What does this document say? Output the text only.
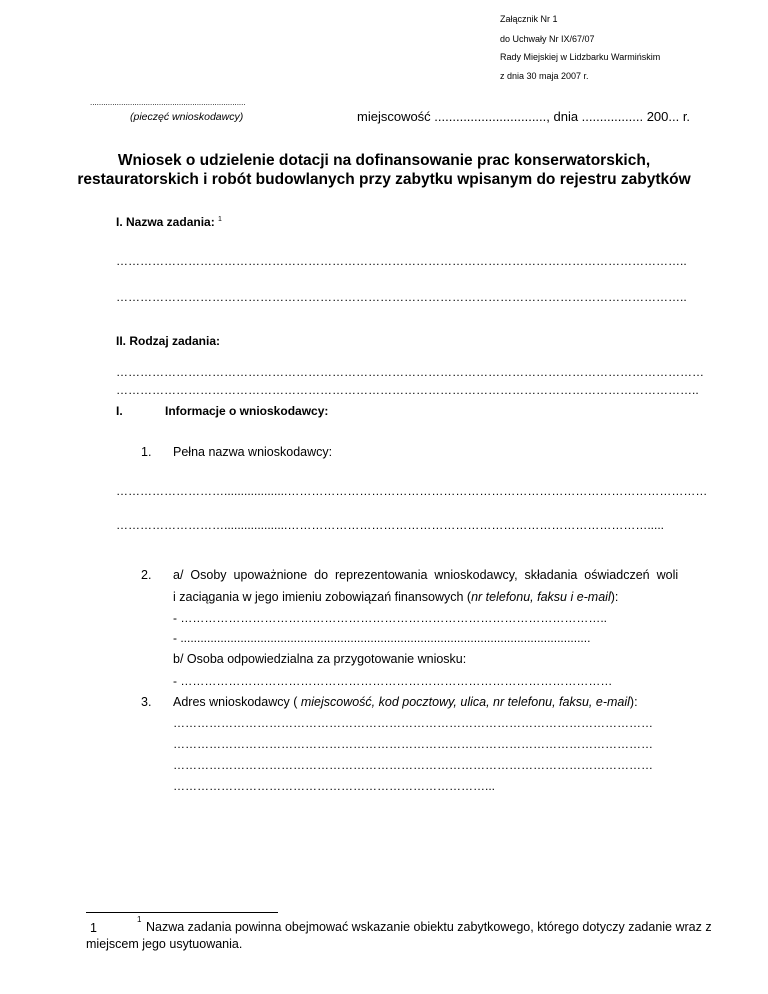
Załącznik Nr 1
do Uchwały Nr IX/67/07
Rady Miejskiej w Lidzbarku Warmińskim
z dnia 30 maja 2007 r.
......................................................................
(pieczęć wnioskodawcy)	miejscowość ..............................., dnia ................. 200... r.
Wniosek o udzielenie dotacji na dofinansowanie prac konserwatorskich,
restauratorskich i robót budowlanych przy zabytku wpisanym do rejestru zabytków
I. Nazwa zadania: $^1$
……………………………………………………………………………………………………………………………..
……………………………………………………………………………………………………………………………..
II. Rodzaj zadania:
…………………………………………………………………………………………………………………………………
………………………………………………………………………………………………………………………………..
I.	Informacje o wnioskodawcy:
1. Pełna nazwa wnioskodawcy:
………………………...................……………………………………………………………………………………………
………………………...................……………………………………………………………………………….....
2. a/ Osoby upoważnione do reprezentowania wnioskodawcy, składania oświadczeń woli
i zaciągania w jego imieniu zobowiązań finansowych (nr telefonu, faksu i e-mail):
- ……………………………………………………………………………………………..
- ...........................................................................................................................
b/ Osoba odpowiedzialna za przygotowanie wniosku:
- ………………………………………………………………………………………………
3. Adres wnioskodawcy ( miejscowość, kod pocztowy, ulica, nr telefonu, faksu, e-mail):
…………………………………………………………………………………………………………
…………………………………………………………………………………………………………
…………………………………………………………………………………………………………
……………………………………………………………………...
1
1
Nazwa zadania powinna obejmować wskazanie obiektu zabytkowego, którego dotyczy zadanie wraz z
miejscem jego usytuowania.
